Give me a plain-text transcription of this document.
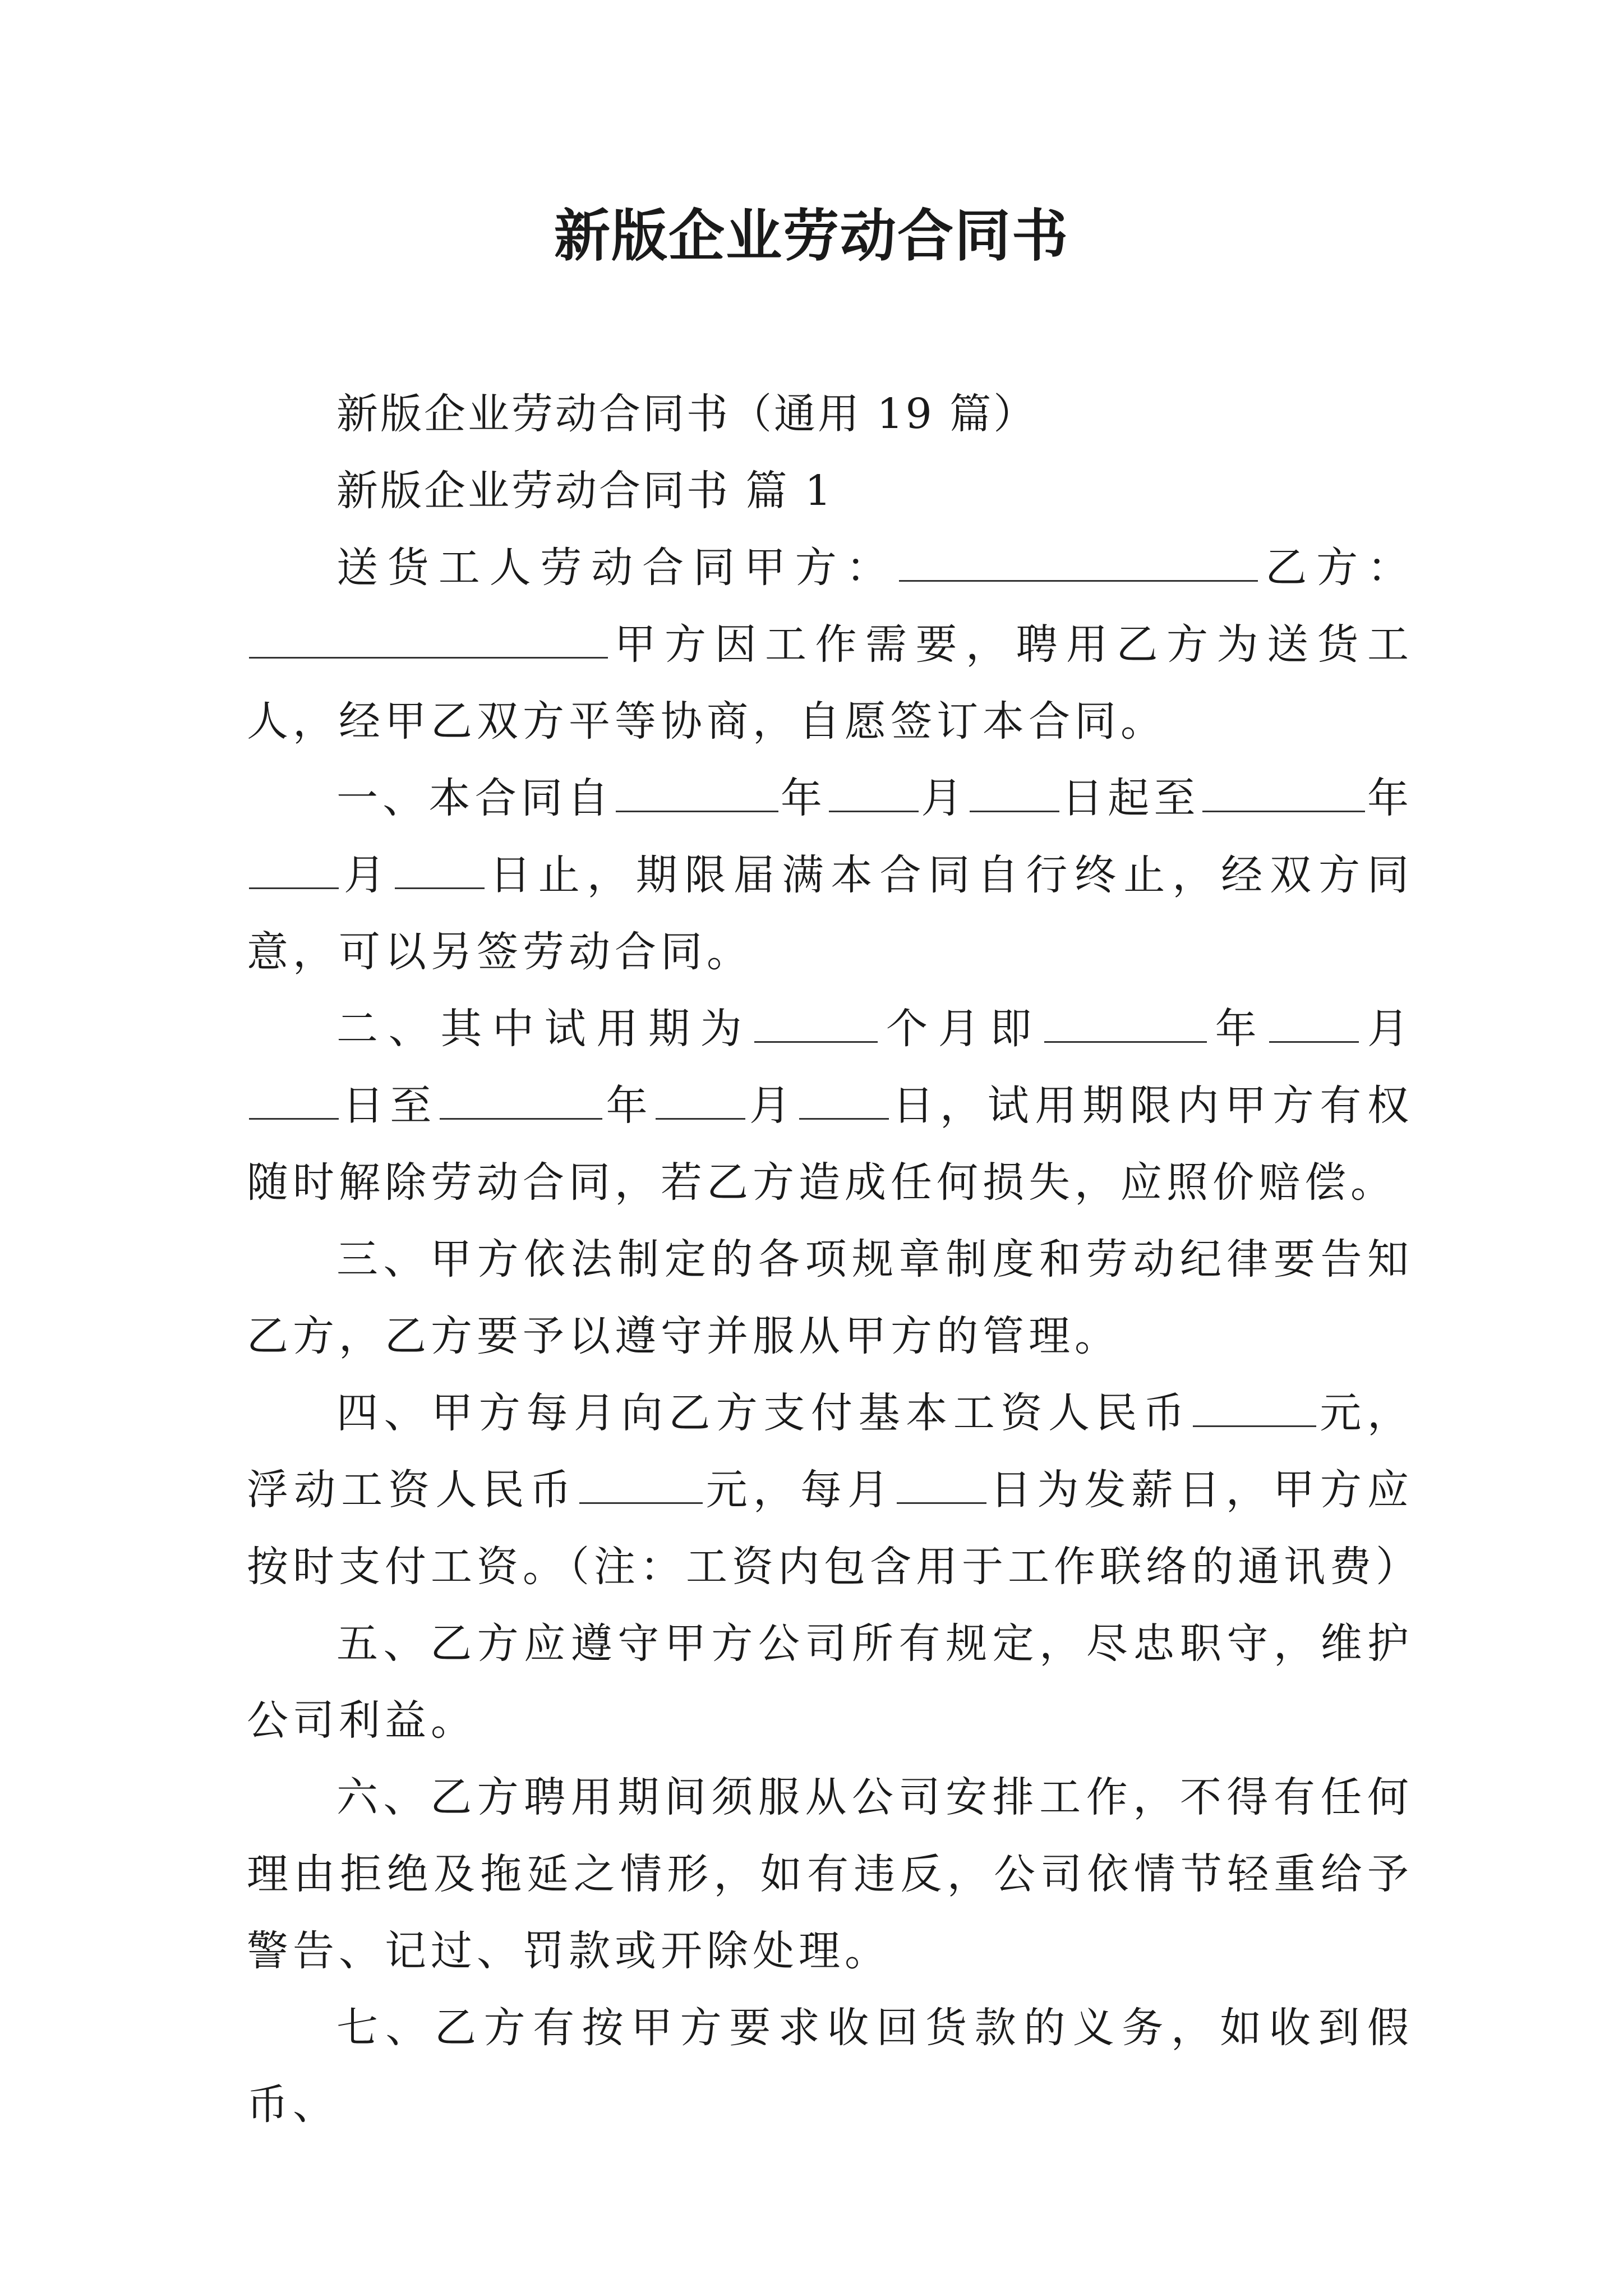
新版企业劳动合同书

新版企业劳动合同书（通用 19 篇）

新版企业劳动合同书 篇 1

送货工人劳动合同甲方：	乙方：甲方因工作需要，聘用乙方为送货工人，经甲乙双方平等协商，自愿签订本合同。

一、本合同自	年 月 日起至	年月 日止，期限届满本合同自行终止，经双方同意，可以另签劳动合同。

二、其中试用期为	个月即	年 月日至	年 月 日，试用期限内甲方有权随时解除劳动合同，若乙方造成任何损失，应照价赔偿。

三、甲方依法制定的各项规章制度和劳动纪律要告知乙方，乙方要予以遵守并服从甲方的管理。

四、甲方每月向乙方支付基本工资人民币	元，浮动工资人民币	元，每月 日为发薪日，甲方应按时支付工资。（注：工资内包含用于工作联络的通讯费）

五、乙方应遵守甲方公司所有规定，尽忠职守，维护公司利益。

六、乙方聘用期间须服从公司安排工作，不得有任何理由拒绝及拖延之情形，如有违反，公司依情节轻重给予警告、记过、罚款或开除处理。

七、乙方有按甲方要求收回货款的义务，如收到假币、
